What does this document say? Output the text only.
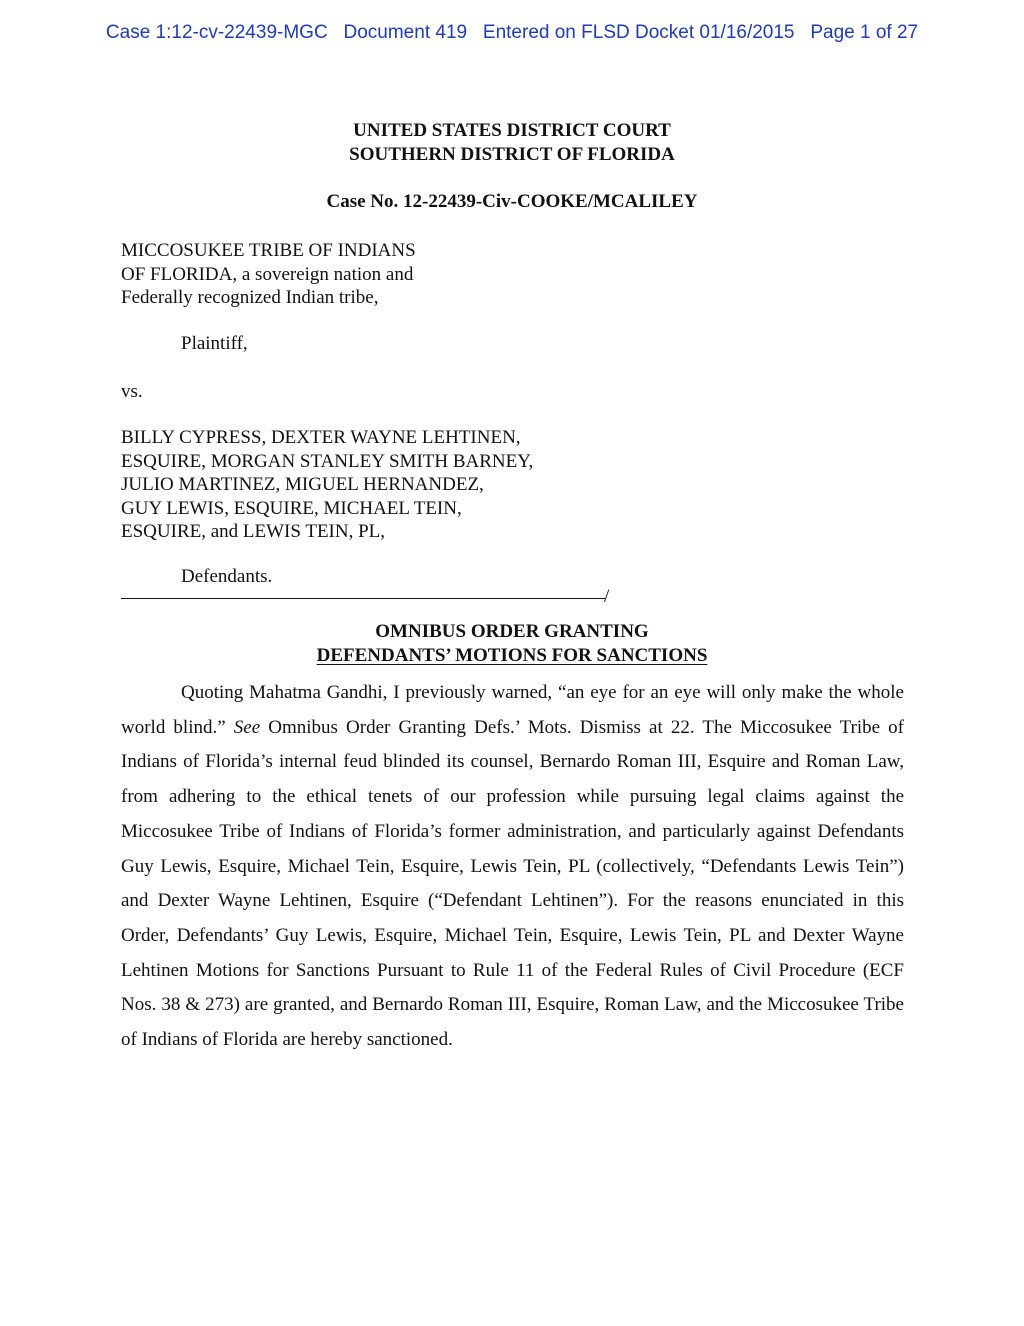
Case 1:12-cv-22439-MGC   Document 419   Entered on FLSD Docket 01/16/2015   Page 1 of 27
UNITED STATES DISTRICT COURT
SOUTHERN DISTRICT OF FLORIDA
Case No. 12-22439-Civ-COOKE/MCALILEY
MICCOSUKEE TRIBE OF INDIANS
OF FLORIDA, a sovereign nation and
Federally recognized Indian tribe,
Plaintiff,
vs.
BILLY CYPRESS, DEXTER WAYNE LEHTINEN,
ESQUIRE, MORGAN STANLEY SMITH BARNEY,
JULIO MARTINEZ, MIGUEL HERNANDEZ,
GUY LEWIS, ESQUIRE, MICHAEL TEIN,
ESQUIRE, and LEWIS TEIN, PL,
Defendants.
/
OMNIBUS ORDER GRANTING
DEFENDANTS’ MOTIONS FOR SANCTIONS
Quoting Mahatma Gandhi, I previously warned, “an eye for an eye will only make the whole world blind.” See Omnibus Order Granting Defs.’ Mots. Dismiss at 22. The Miccosukee Tribe of Indians of Florida’s internal feud blinded its counsel, Bernardo Roman III, Esquire and Roman Law, from adhering to the ethical tenets of our profession while pursuing legal claims against the Miccosukee Tribe of Indians of Florida’s former administration, and particularly against Defendants Guy Lewis, Esquire, Michael Tein, Esquire, Lewis Tein, PL (collectively, “Defendants Lewis Tein”) and Dexter Wayne Lehtinen, Esquire (“Defendant Lehtinen”). For the reasons enunciated in this Order, Defendants’ Guy Lewis, Esquire, Michael Tein, Esquire, Lewis Tein, PL and Dexter Wayne Lehtinen Motions for Sanctions Pursuant to Rule 11 of the Federal Rules of Civil Procedure (ECF Nos. 38 & 273) are granted, and Bernardo Roman III, Esquire, Roman Law, and the Miccosukee Tribe of Indians of Florida are hereby sanctioned.
